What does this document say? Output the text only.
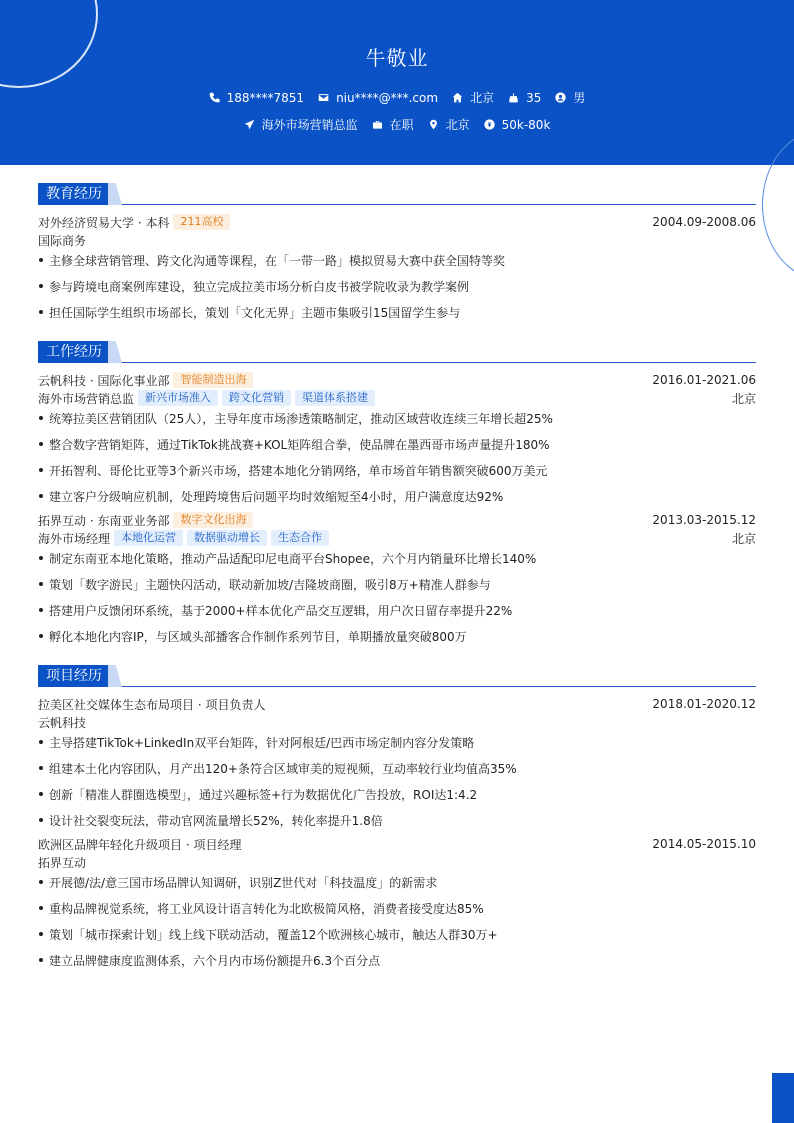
牛敬业
188****7851	niu****@***.com	北京	35	男
海外市场营销总监	在职	北京	50k-80k
教育经历
对外经济贸易大学 · 本科	211高校	2004.09-2008.06
国际商务
主修全球营销管理、跨文化沟通等课程，在「一带一路」模拟贸易大赛中获全国特等奖
参与跨境电商案例库建设，独立完成拉美市场分析白皮书被学院收录为教学案例
担任国际学生组织市场部长，策划「文化无界」主题市集吸引15国留学生参与
工作经历
云帆科技 · 国际化事业部	智能制造出海	2016.01-2021.06
海外市场营销总监	新兴市场准入	跨文化营销	渠道体系搭建	北京
统筹拉美区营销团队（25人），主导年度市场渗透策略制定，推动区域营收连续三年增长超25%
整合数字营销矩阵，通过TikTok挑战赛+KOL矩阵组合拳，使品牌在墨西哥市场声量提升180%
开拓智利、哥伦比亚等3个新兴市场，搭建本地化分销网络，单市场首年销售额突破600万美元
建立客户分级响应机制，处理跨境售后问题平均时效缩短至4小时，用户满意度达92%
拓界互动 · 东南亚业务部	数字文化出海	2013.03-2015.12
海外市场经理	本地化运营	数据驱动增长	生态合作	北京
制定东南亚本地化策略，推动产品适配印尼电商平台Shopee，六个月内销量环比增长140%
策划「数字游民」主题快闪活动，联动新加坡/吉隆坡商圈，吸引8万+精准人群参与
搭建用户反馈闭环系统，基于2000+样本优化产品交互逻辑，用户次日留存率提升22%
孵化本地化内容IP，与区域头部播客合作制作系列节目，单期播放量突破800万
项目经历
拉美区社交媒体生态布局项目 · 项目负责人	2018.01-2020.12
云帆科技
主导搭建TikTok+LinkedIn双平台矩阵，针对阿根廷/巴西市场定制内容分发策略
组建本土化内容团队，月产出120+条符合区域审美的短视频，互动率较行业均值高35%
创新「精准人群圈选模型」，通过兴趣标签+行为数据优化广告投放，ROI达1:4.2
设计社交裂变玩法，带动官网流量增长52%，转化率提升1.8倍
欧洲区品牌年轻化升级项目 · 项目经理	2014.05-2015.10
拓界互动
开展德/法/意三国市场品牌认知调研，识别Z世代对「科技温度」的新需求
重构品牌视觉系统，将工业风设计语言转化为北欧极简风格，消费者接受度达85%
策划「城市探索计划」线上线下联动活动，覆盖12个欧洲核心城市，触达人群30万+
建立品牌健康度监测体系，六个月内市场份额提升6.3个百分点
